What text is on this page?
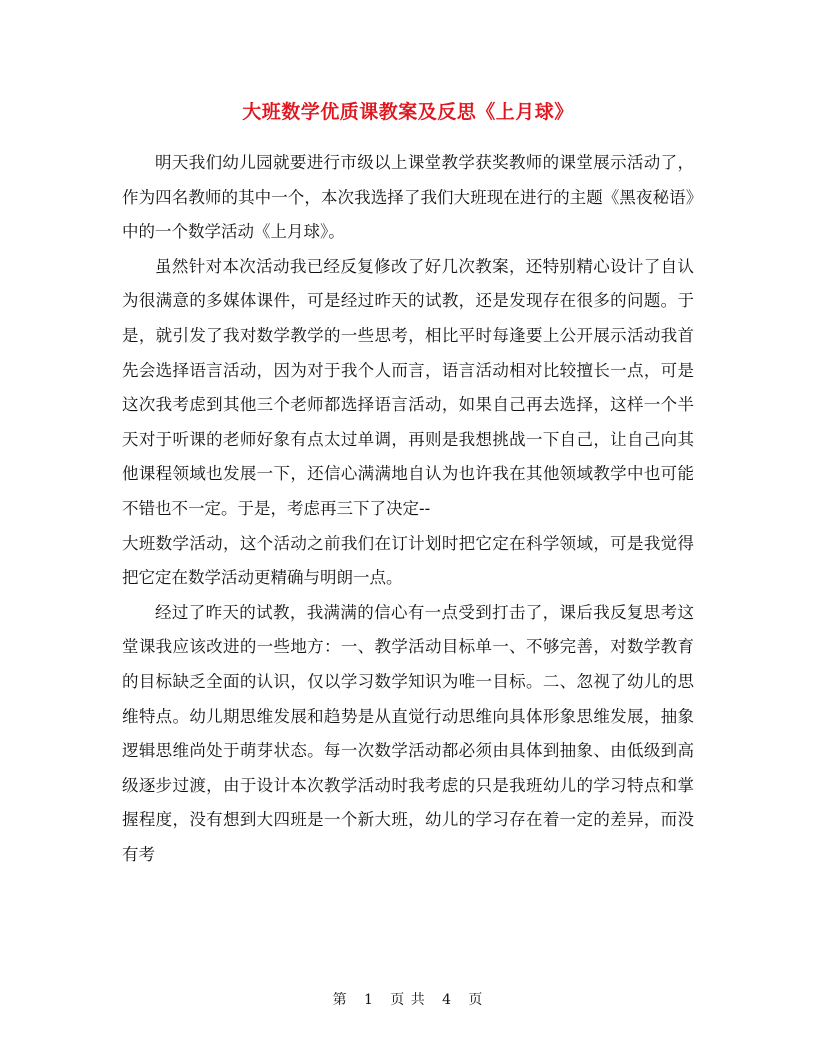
大班数学优质课教案及反思《上月球》

明天我们幼儿园就要进行市级以上课堂教学获奖教师的课堂展示活动了，作为四名教师的其中一个，本次我选择了我们大班现在进行的主题《黑夜秘语》中的一个数学活动《上月球》。

虽然针对本次活动我已经反复修改了好几次教案，还特别精心设计了自认为很满意的多媒体课件，可是经过昨天的试教，还是发现存在很多的问题。于是，就引发了我对数学教学的一些思考，相比平时每逢要上公开展示活动我首先会选择语言活动，因为对于我个人而言，语言活动相对比较擅长一点，可是这次我考虑到其他三个老师都选择语言活动，如果自己再去选择，这样一个半天对于听课的老师好象有点太过单调，再则是我想挑战一下自己，让自己向其他课程领域也发展一下，还信心满满地自认为也许我在其他领域教学中也可能不错也不一定。于是，考虑再三下了决定--

大班数学活动，这个活动之前我们在订计划时把它定在科学领域，可是我觉得把它定在数学活动更精确与明朗一点。

经过了昨天的试教，我满满的信心有一点受到打击了，课后我反复思考这堂课我应该改进的一些地方：一、教学活动目标单一、不够完善，对数学教育的目标缺乏全面的认识，仅以学习数学知识为唯一目标。二、忽视了幼儿的思维特点。幼儿期思维发展和趋势是从直觉行动思维向具体形象思维发展，抽象逻辑思维尚处于萌芽状态。每一次数学活动都必须由具体到抽象、由低级到高级逐步过渡，由于设计本次教学活动时我考虑的只是我班幼儿的学习特点和掌握程度，没有想到大四班是一个新大班，幼儿的学习存在着一定的差异，而没有考

第 1 页 共 4 页
